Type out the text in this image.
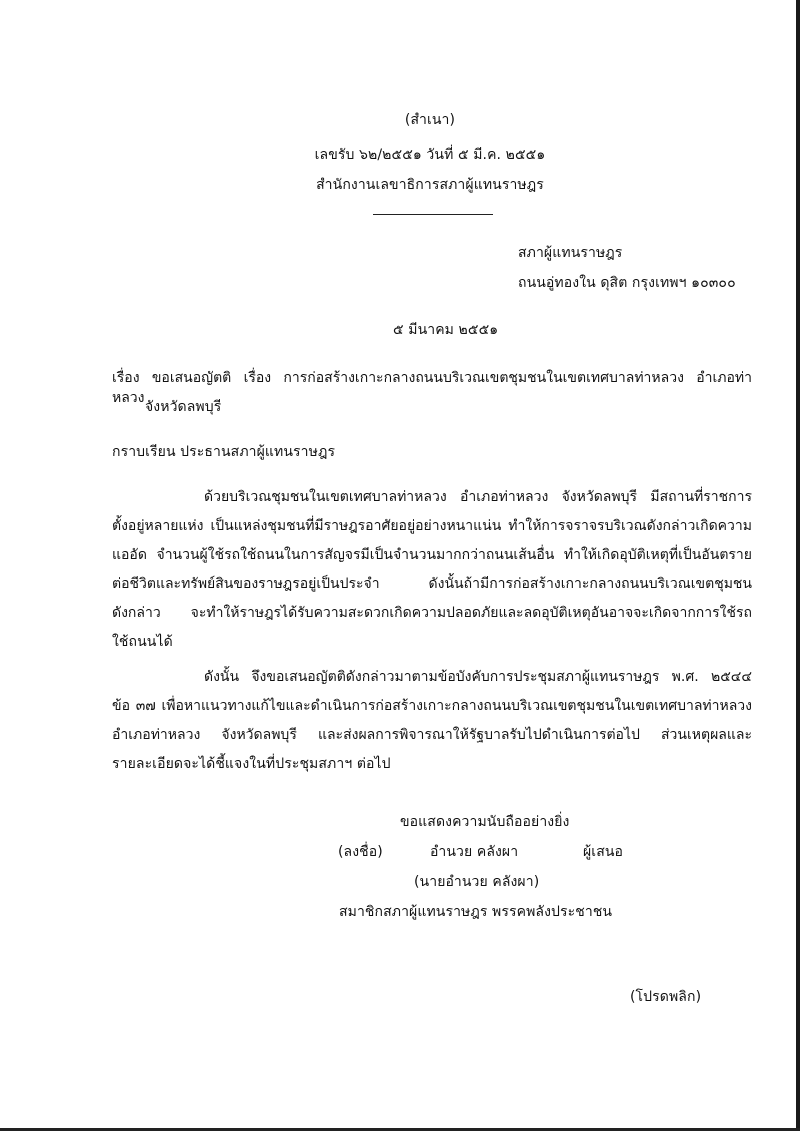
(สำเนา)
เลขรับ ๖๒/๒๕๕๑ วันที่ ๕ มี.ค. ๒๕๕๑
สำนักงานเลขาธิการสภาผู้แทนราษฎร
สภาผู้แทนราษฎร
ถนนอู่ทองใน ดุสิต กรุงเทพฯ ๑๐๓๐๐
๕ มีนาคม ๒๕๕๑
เรื่อง ขอเสนอญัตติ เรื่อง การก่อสร้างเกาะกลางถนนบริเวณเขตชุมชนในเขตเทศบาลท่าหลวง อำเภอท่าหลวง
จังหวัดลพบุรี
กราบเรียน ประธานสภาผู้แทนราษฎร
ด้วยบริเวณชุมชนในเขตเทศบาลท่าหลวง อำเภอท่าหลวง จังหวัดลพบุรี มีสถานที่ราชการ
ตั้งอยู่หลายแห่ง เป็นแหล่งชุมชนที่มีราษฎรอาศัยอยู่อย่างหนาแน่น ทำให้การจราจรบริเวณดังกล่าวเกิดความ
แออัด จำนวนผู้ใช้รถใช้ถนนในการสัญจรมีเป็นจำนวนมากกว่าถนนเส้นอื่น ทำให้เกิดอุบัติเหตุที่เป็นอันตราย
ต่อชีวิตและทรัพย์สินของราษฎรอยู่เป็นประจำ ดังนั้นถ้ามีการก่อสร้างเกาะกลางถนนบริเวณเขตชุมชน
ดังกล่าว จะทำให้ราษฎรได้รับความสะดวกเกิดความปลอดภัยและลดอุบัติเหตุอันอาจจะเกิดจากการใช้รถ
ใช้ถนนได้
ดังนั้น จึงขอเสนอญัตติดังกล่าวมาตามข้อบังคับการประชุมสภาผู้แทนราษฎร พ.ศ. ๒๕๔๔
ข้อ ๓๗ เพื่อหาแนวทางแก้ไขและดำเนินการก่อสร้างเกาะกลางถนนบริเวณเขตชุมชนในเขตเทศบาลท่าหลวง
อำเภอท่าหลวง จังหวัดลพบุรี และส่งผลการพิจารณาให้รัฐบาลรับไปดำเนินการต่อไป ส่วนเหตุผลและ
รายละเอียดจะได้ชี้แจงในที่ประชุมสภาฯ ต่อไป
ขอแสดงความนับถืออย่างยิ่ง
(ลงชื่อ)	อำนวย คลังผา	ผู้เสนอ
(นายอำนวย คลังผา)
สมาชิกสภาผู้แทนราษฎร พรรคพลังประชาชน
(โปรดพลิก)
